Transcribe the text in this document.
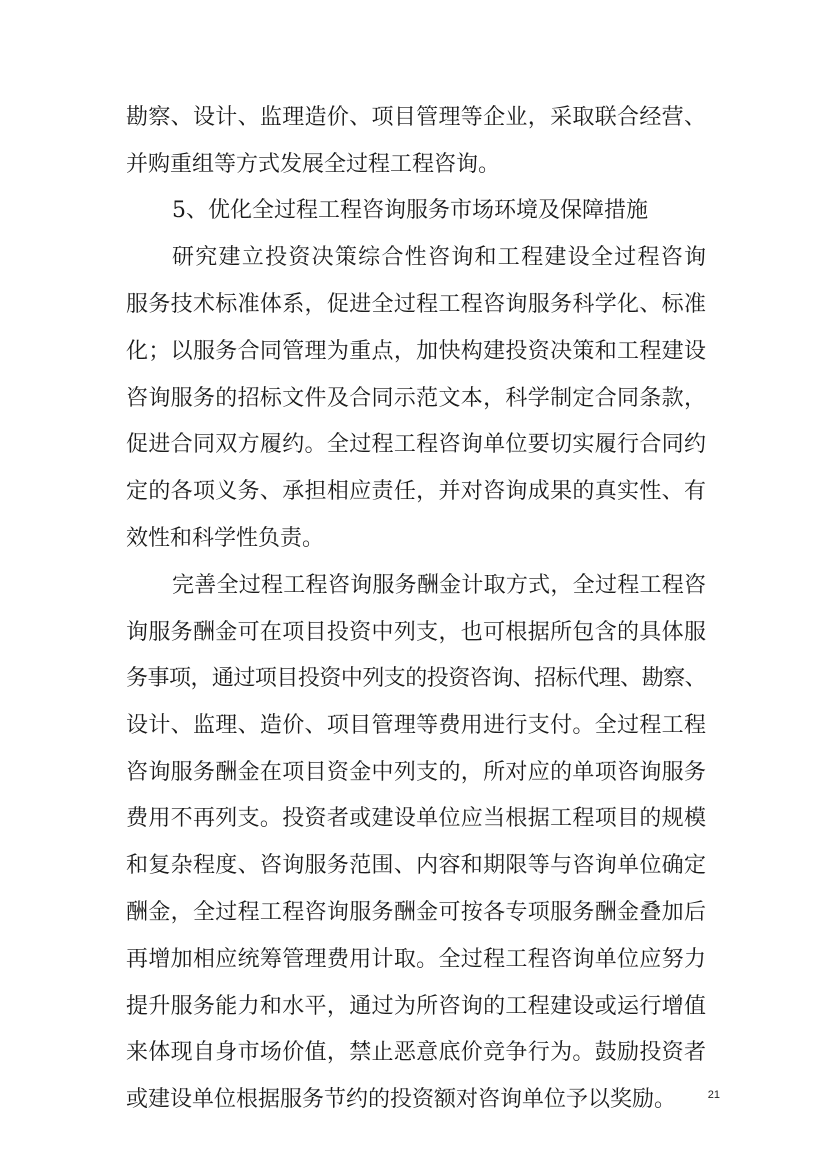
勘察、设计、监理造价、项目管理等企业，采取联合经营、
并购重组等方式发展全过程工程咨询。
5、优化全过程工程咨询服务市场环境及保障措施
研究建立投资决策综合性咨询和工程建设全过程咨询
服务技术标准体系，促进全过程工程咨询服务科学化、标准
化；以服务合同管理为重点，加快构建投资决策和工程建设
咨询服务的招标文件及合同示范文本，科学制定合同条款，
促进合同双方履约。全过程工程咨询单位要切实履行合同约
定的各项义务、承担相应责任，并对咨询成果的真实性、有
效性和科学性负责。
完善全过程工程咨询服务酬金计取方式，全过程工程咨
询服务酬金可在项目投资中列支，也可根据所包含的具体服
务事项，通过项目投资中列支的投资咨询、招标代理、勘察、
设计、监理、造价、项目管理等费用进行支付。全过程工程
咨询服务酬金在项目资金中列支的，所对应的单项咨询服务
费用不再列支。投资者或建设单位应当根据工程项目的规模
和复杂程度、咨询服务范围、内容和期限等与咨询单位确定
酬金，全过程工程咨询服务酬金可按各专项服务酬金叠加后
再增加相应统筹管理费用计取。全过程工程咨询单位应努力
提升服务能力和水平，通过为所咨询的工程建设或运行增值
来体现自身市场价值，禁止恶意底价竞争行为。鼓励投资者
或建设单位根据服务节约的投资额对咨询单位予以奖励。	21
